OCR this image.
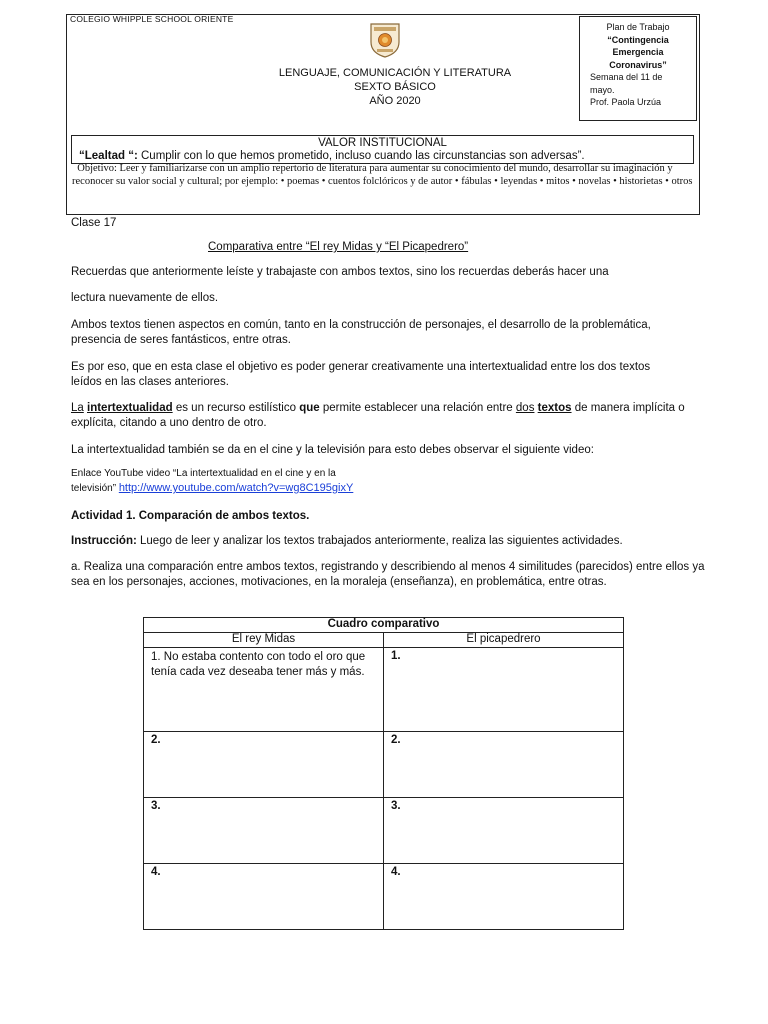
COLEGIO WHIPPLE SCHOOL ORIENTE
LENGUAJE, COMUNICACIÓN Y LITERATURA
SEXTO BÁSICO
AÑO 2020
Plan de Trabajo
“Contingencia
Emergencia
Coronavirus”
Semana del 11 de
mayo.
Prof. Paola Urzúa
VALOR INSTITUCIONAL
“Lealtad “: Cumplir con lo que hemos prometido, incluso cuando las circunstancias son adversas”.
Objetivo: Leer y familiarizarse con un amplio repertorio de literatura para aumentar su conocimiento del mundo, desarrollar su imaginación y reconocer su valor social y cultural; por ejemplo: • poemas • cuentos folclóricos y de autor • fábulas • leyendas • mitos • novelas • historietas • otros
Clase 17
Comparativa entre “El rey Midas y “El Picapedrero”
Recuerdas que anteriormente leíste y trabajaste con ambos textos, sino los recuerdas deberás hacer una
lectura nuevamente de ellos.
Ambos textos tienen aspectos en común, tanto en la construcción de personajes, el desarrollo de la problemática, presencia de seres fantásticos, entre otras.
Es por eso, que en esta clase el objetivo es poder generar creativamente una intertextualidad entre los dos textos leídos en las clases anteriores.
La intertextualidad es un recurso estilístico que permite establecer una relación entre dos textos de manera implícita o explícita, citando a uno dentro de otro.
La intertextualidad también se da en el cine y la televisión para esto debes observar el siguiente video:
Enlace YouTube video “La intertextualidad en el cine y en la
televisión” http://www.youtube.com/watch?v=wg8C195gixY
Actividad 1. Comparación de ambos textos.
Instrucción: Luego de leer y analizar los textos trabajados anteriormente, realiza las siguientes actividades.
a. Realiza una comparación entre ambos textos, registrando y describiendo al menos 4 similitudes (parecidos) entre ellos ya sea en los personajes, acciones, motivaciones, en la moraleja (enseñanza), en problemática, entre otras.
Cuadro comparativo	
El rey Midas	El picapedrero
1. No estaba contento con todo el oro que tenía cada vez deseaba tener más y más.	1.
2.	2.
3.	3.
4.	4.
